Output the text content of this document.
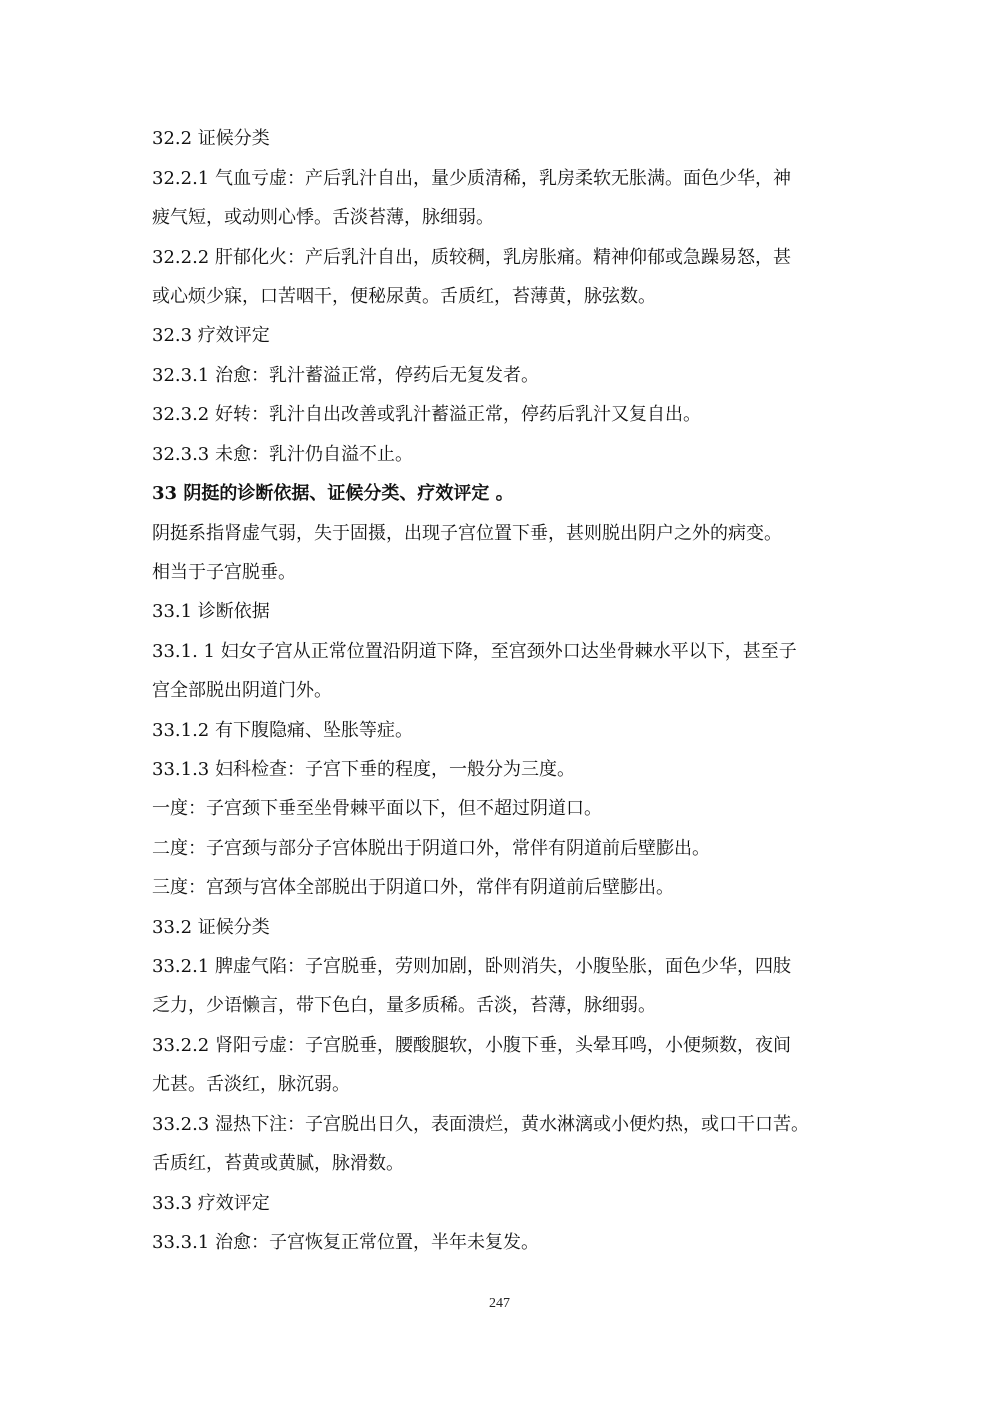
32.2 证候分类
32.2.1 气血亏虚：产后乳汁自出，量少质清稀，乳房柔软无胀满。面色少华，神
疲气短，或动则心悸。舌淡苔薄，脉细弱。
32.2.2 肝郁化火：产后乳汁自出，质较稠，乳房胀痛。精神仰郁或急躁易怒，甚
或心烦少寐，口苦咽干，便秘尿黄。舌质红，苔薄黄，脉弦数。
32.3 疗效评定
32.3.1 治愈：乳汁蓄溢正常，停药后无复发者。
32.3.2 好转：乳汁自出改善或乳汁蓄溢正常，停药后乳汁又复自出。
32.3.3 未愈：乳汁仍自溢不止。
33 阴挺的诊断依据、证候分类、疗效评定 。
阴挺系指肾虚气弱，失于固摄，出现子宫位置下垂，甚则脱出阴户之外的病变。
相当于子宫脱垂。
33.1 诊断依据
33.1. 1 妇女子宫从正常位置沿阴道下降，至宫颈外口达坐骨棘水平以下，甚至子
宫全部脱出阴道门外。
33.1.2 有下腹隐痛、坠胀等症。
33.1.3 妇科检查：子宫下垂的程度，一般分为三度。
一度：子宫颈下垂至坐骨棘平面以下，但不超过阴道口。
二度：子宫颈与部分子宫体脱出于阴道口外，常伴有阴道前后壁膨出。
三度：宫颈与宫体全部脱出于阴道口外，常伴有阴道前后壁膨出。
33.2 证候分类
33.2.1 脾虚气陷：子宫脱垂，劳则加剧，卧则消失，小腹坠胀，面色少华，四肢
乏力，少语懒言，带下色白，量多质稀。舌淡，苔薄，脉细弱。
33.2.2 肾阳亏虚：子宫脱垂，腰酸腿软，小腹下垂，头晕耳鸣，小便频数，夜间
尤甚。舌淡红，脉沉弱。
33.2.3 湿热下注：子宫脱出日久，表面溃烂，黄水淋漓或小便灼热，或口干口苦。
舌质红，苔黄或黄腻，脉滑数。
33.3 疗效评定
33.3.1 治愈：子宫恢复正常位置，半年未复发。
247
